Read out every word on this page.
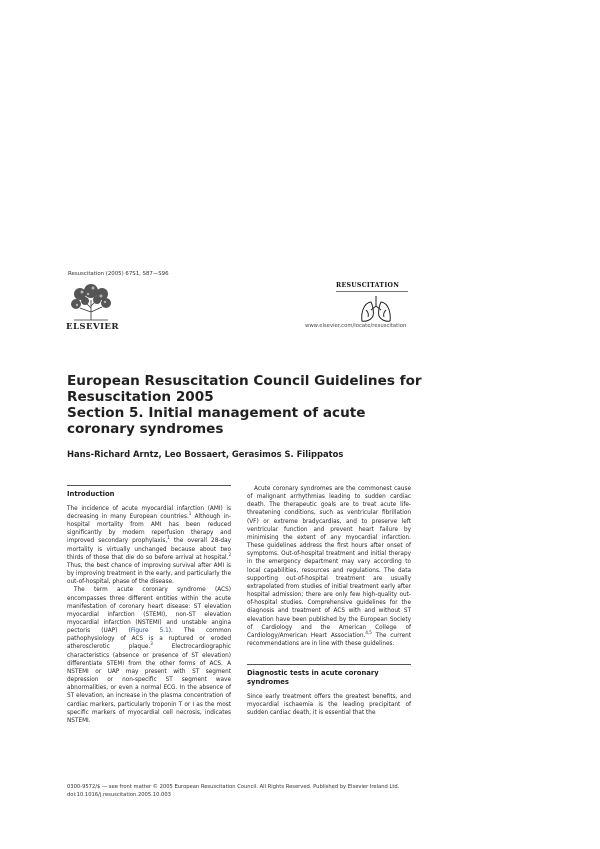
Resuscitation (2005) 67S1, S87—S96
ELSEVIER
RESUSCITATION
www.elsevier.com/locate/resuscitation
European Resuscitation Council Guidelines for
Resuscitation 2005
Section 5. Initial management of acute
coronary syndromes
Hans-Richard Arntz, Leo Bossaert, Gerasimos S. Filippatos
Introduction

The incidence of acute myocardial infarction (AMI) is decreasing in many European countries.$^1$ Although in-hospital mortality from AMI has been reduced significantly by modern reperfusion therapy and improved secondary prophylaxis,$^1$ the overall 28-day mortality is virtually unchanged because about two thirds of those that die do so before arrival at hospital.$^2$ Thus, the best chance of improving survival after AMI is by improving treatment in the early, and particularly the out-of-hospital, phase of the disease.

The term acute coronary syndrome (ACS) encompasses three different entities within the acute manifestation of coronary heart disease: ST elevation myocardial infarction (STEMI), non-ST elevation myocardial infarction (NSTEMI) and unstable angina pectoris (UAP) (Figure 5.1). The common pathophysiology of ACS is a ruptured or eroded atherosclerotic plaque.$^3$ Electrocardiographic characteristics (absence or presence of ST elevation) differentiate STEMI from the other forms of ACS. A NSTEMI or UAP may present with ST segment depression or non-specific ST segment wave abnormalities, or even a normal ECG. In the absence of ST elevation, an increase in the plasma concentration of cardiac markers, particularly troponin T or I as the most specific markers of myocardial cell necrosis, indicates NSTEMI.

Acute coronary syndromes are the commonest cause of malignant arrhythmias leading to sudden cardiac death. The therapeutic goals are to treat acute life-threatening conditions, such as ventricular fibrillation (VF) or extreme bradycardias, and to preserve left ventricular function and prevent heart failure by minimising the extent of any myocardial infarction. These guidelines address the first hours after onset of symptoms. Out-of-hospital treatment and initial therapy in the emergency department may vary according to local capabilities, resources and regulations. The data supporting out-of-hospital treatment are usually extrapolated from studies of initial treatment early after hospital admission; there are only few high-quality out-of-hospital studies. Comprehensive guidelines for the diagnosis and treatment of ACS with and without ST elevation have been published by the European Society of Cardiology and the American College of Cardiology/American Heart Association.$^{4,5}$ The current recommendations are in line with these guidelines.

Diagnostic tests in acute coronary syndromes

Since early treatment offers the greatest benefits, and myocardial ischaemia is the leading precipitant of sudden cardiac death, it is essential that the

0300-9572/$ — see front matter © 2005 European Resuscitation Council. All Rights Reserved. Published by Elsevier Ireland Ltd.
doi:10.1016/j.resuscitation.2005.10.003
